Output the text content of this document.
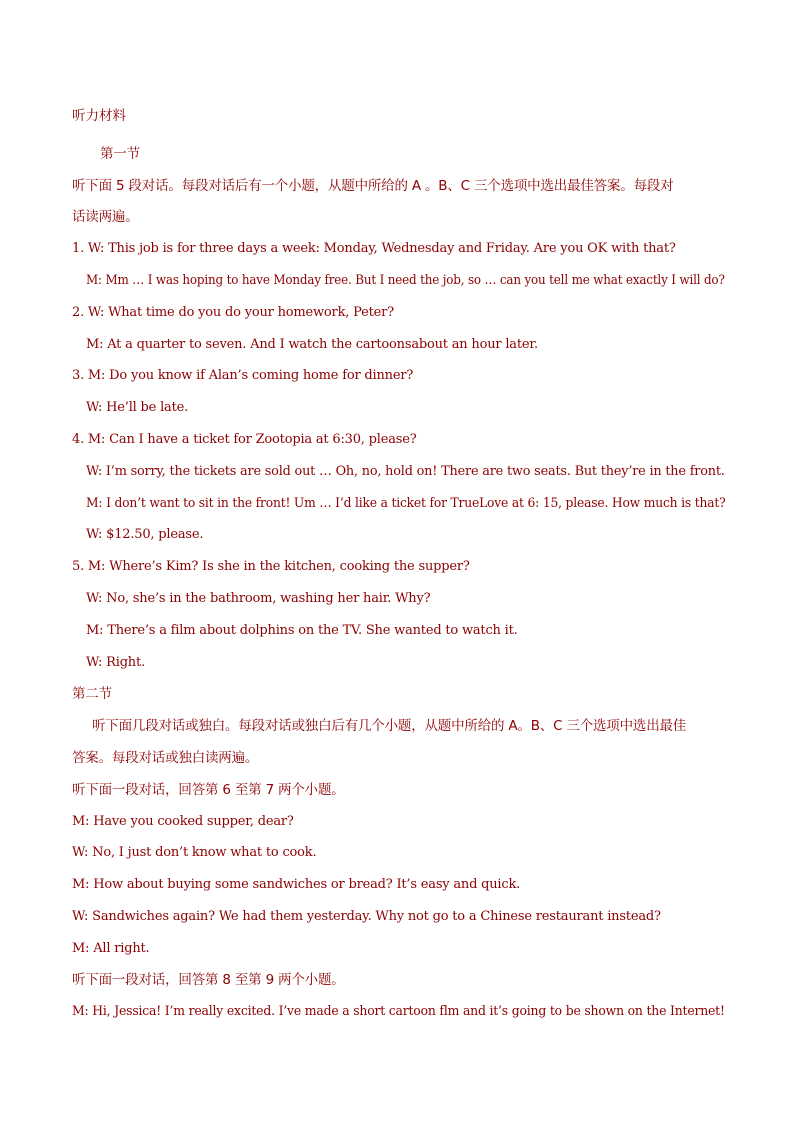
听力材料
第一节
听下面 5 段对话。每段对话后有一个小题，从题中所给的 A 。B、C 三个选项中选出最佳答案。每段对
话读两遍。
1. W: This job is for three days a week: Monday, Wednesday and Friday. Are you OK with that?
M: Mm … I was hoping to have Monday free. But I need the job, so … can you tell me what exactly I will do?
2. W: What time do you do your homework, Peter?
M: At a quarter to seven. And I watch the cartoonsabout an hour later.
3. M: Do you know if Alan’s coming home for dinner?
W: He’ll be late.
4. M: Can I have a ticket for Zootopia at 6:30, please?
W: I’m sorry, the tickets are sold out … Oh, no, hold on! There are two seats. But they’re in the front.
M: I don’t want to sit in the front! Um … I’d like a ticket for TrueLove at 6: 15, please. How much is that?
W: $12.50, please.
5. M: Where’s Kim? Is she in the kitchen, cooking the supper?
W: No, she’s in the bathroom, washing her hair. Why?
M: There’s a film about dolphins on the TV. She wanted to watch it.
W: Right.
第二节
听下面几段对话或独白。每段对话或独白后有几个小题，从题中所给的 A。B、C 三个选项中选出最佳
答案。每段对话或独白读两遍。
听下面一段对话，回答第 6 至第 7 两个小题。
M: Have you cooked supper, dear?
W: No, I just don’t know what to cook.
M: How about buying some sandwiches or bread? It’s easy and quick.
W: Sandwiches again? We had them yesterday. Why not go to a Chinese restaurant instead?
M: All right.
听下面一段对话，回答第 8 至第 9 两个小题。
M: Hi, Jessica! I’m really excited. I’ve made a short cartoon flm and it’s going to be shown on the Internet!
